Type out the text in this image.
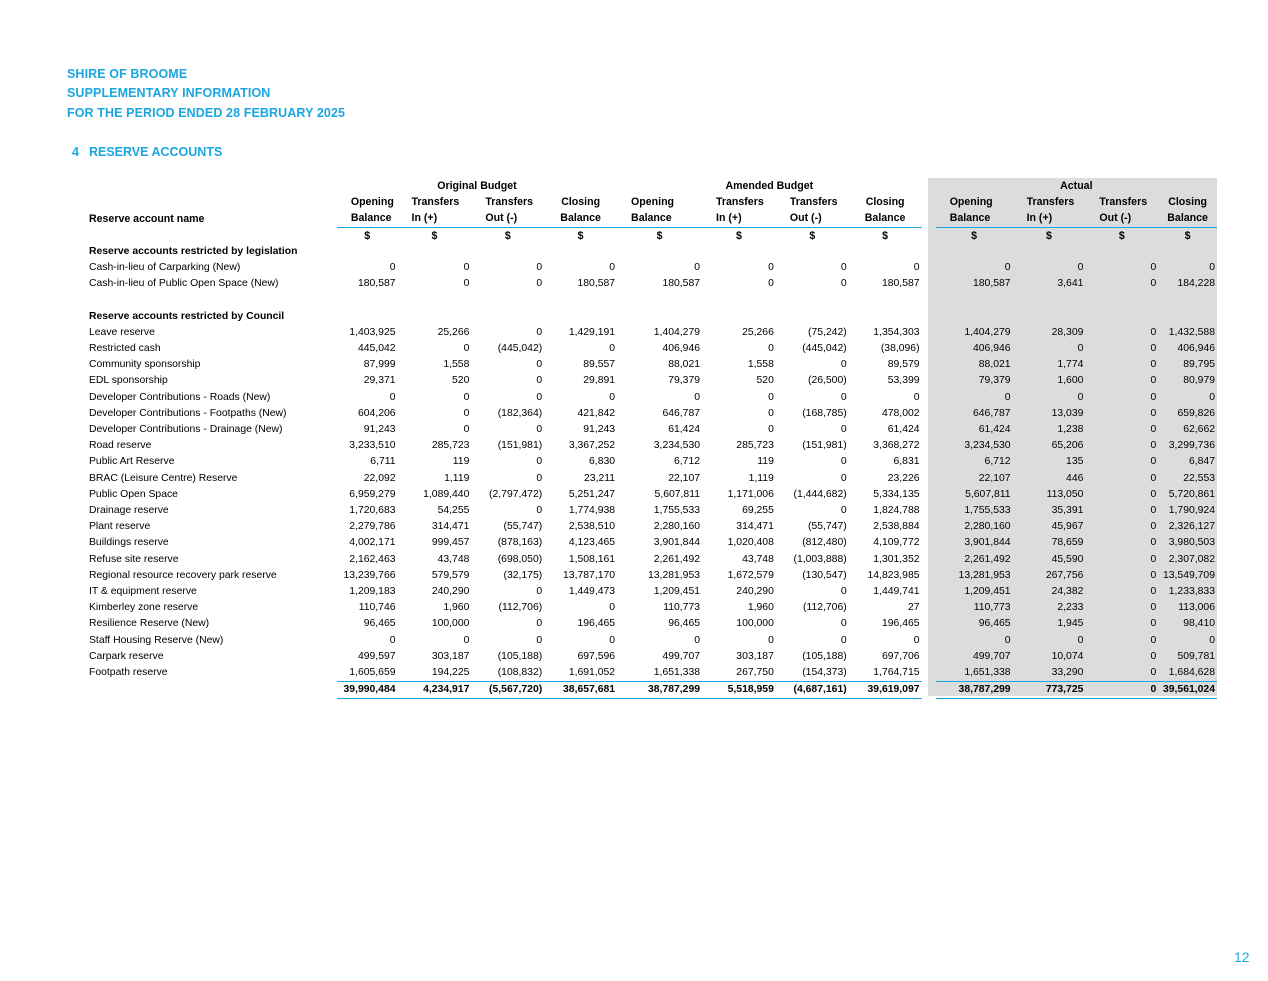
SHIRE OF BROOME
SUPPLEMENTARY INFORMATION
FOR THE PERIOD ENDED 28 FEBRUARY 2025
4 RESERVE ACCOUNTS
	Original Budget				Amended Budget					Actual			
	Opening	Transfers	Transfers	Closing	Opening	Transfers	Transfers	Closing		Opening	Transfers	Transfers	Closing
Reserve account name	Balance	In (+)	Out (-)	Balance	Balance	In (+)	Out (-)	Balance		Balance	In (+)	Out (-)	Balance
	$	$	$	$	$	$	$	$		$	$	$	$
Reserve accounts restricted by legislation													
Cash-in-lieu of Carparking (New)	0	0	0	0	0	0	0	0		0	0	0	0
Cash-in-lieu of Public Open Space (New)	180,587	0	0	180,587	180,587	0	0	180,587		180,587	3,641	0	184,228

Reserve accounts restricted by Council													
Leave reserve	1,403,925	25,266	0	1,429,191	1,404,279	25,266	(75,242)	1,354,303		1,404,279	28,309	0	1,432,588
Restricted cash	445,042	0	(445,042)	0	406,946	0	(445,042)	(38,096)		406,946	0	0	406,946
Community sponsorship	87,999	1,558	0	89,557	88,021	1,558	0	89,579		88,021	1,774	0	89,795
EDL sponsorship	29,371	520	0	29,891	79,379	520	(26,500)	53,399		79,379	1,600	0	80,979
Developer Contributions - Roads (New)	0	0	0	0	0	0	0	0		0	0	0	0
Developer Contributions - Footpaths (New)	604,206	0	(182,364)	421,842	646,787	0	(168,785)	478,002		646,787	13,039	0	659,826
Developer Contributions - Drainage (New)	91,243	0	0	91,243	61,424	0	0	61,424		61,424	1,238	0	62,662
Road reserve	3,233,510	285,723	(151,981)	3,367,252	3,234,530	285,723	(151,981)	3,368,272		3,234,530	65,206	0	3,299,736
Public Art Reserve	6,711	119	0	6,830	6,712	119	0	6,831		6,712	135	0	6,847
BRAC (Leisure Centre) Reserve	22,092	1,119	0	23,211	22,107	1,119	0	23,226		22,107	446	0	22,553
Public Open Space	6,959,279	1,089,440	(2,797,472)	5,251,247	5,607,811	1,171,006	(1,444,682)	5,334,135		5,607,811	113,050	0	5,720,861
Drainage reserve	1,720,683	54,255	0	1,774,938	1,755,533	69,255	0	1,824,788		1,755,533	35,391	0	1,790,924
Plant reserve	2,279,786	314,471	(55,747)	2,538,510	2,280,160	314,471	(55,747)	2,538,884		2,280,160	45,967	0	2,326,127
Buildings reserve	4,002,171	999,457	(878,163)	4,123,465	3,901,844	1,020,408	(812,480)	4,109,772		3,901,844	78,659	0	3,980,503
Refuse site reserve	2,162,463	43,748	(698,050)	1,508,161	2,261,492	43,748	(1,003,888)	1,301,352		2,261,492	45,590	0	2,307,082
Regional resource recovery park reserve	13,239,766	579,579	(32,175)	13,787,170	13,281,953	1,672,579	(130,547)	14,823,985		13,281,953	267,756	0	13,549,709
IT & equipment reserve	1,209,183	240,290	0	1,449,473	1,209,451	240,290	0	1,449,741		1,209,451	24,382	0	1,233,833
Kimberley zone reserve	110,746	1,960	(112,706)	0	110,773	1,960	(112,706)	27		110,773	2,233	0	113,006
Resilience Reserve (New)	96,465	100,000	0	196,465	96,465	100,000	0	196,465		96,465	1,945	0	98,410
Staff Housing Reserve (New)	0	0	0	0	0	0	0	0		0	0	0	0
Carpark reserve	499,597	303,187	(105,188)	697,596	499,707	303,187	(105,188)	697,706		499,707	10,074	0	509,781
Footpath reserve	1,605,659	194,225	(108,832)	1,691,052	1,651,338	267,750	(154,373)	1,764,715		1,651,338	33,290	0	1,684,628
	39,990,484	4,234,917	(5,567,720)	38,657,681	38,787,299	5,518,959	(4,687,161)	39,619,097		38,787,299	773,725	0	39,561,024
12
